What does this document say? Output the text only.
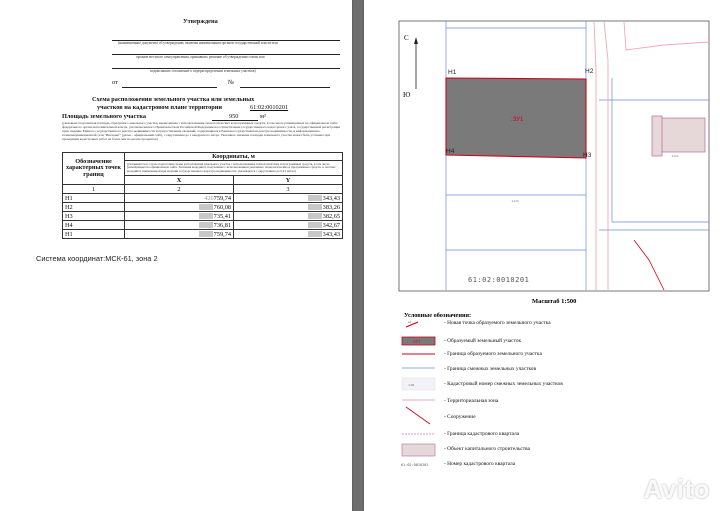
Утверждена
(наименование документа об утверждении, включая наименования органов государственной власти или
органов местного самоуправления, принявших решение об утверждении схемы или
подписавших соглашение о перераспределении земельных участков)
от	№
Схема расположения земельного участка или земельных
участков на кадастровом плане территории	61:02:0010201
Площадь земельного участка	950	м²
(указывается проектная площадь образуемого земельного участка, вычисленная с использованием технологических и программных средств, в том числе размещенных на официальном сайте федерального органа исполнительной власти, уполномоченного Правительством Российской Федерации на осуществление государственного кадастрового учета, государственной регистрации прав, ведение Единого государственного реестра недвижимости и предоставление сведений, содержащихся в Едином государственном реестре недвижимости, в информационно-телекоммуникационной сети "Интернет" (далее - официальный сайт), с округлением до 1 квадратного метра. Указанное значение площади земельного участка может быть уточнено при проведении кадастровых работ не более чем на десять процентов)
Обозначение характерных точек границ	Координаты, м	
	(указываются в случае подготовки схемы расположения земельного участка с использованием технологических и программных средств, в том числе размещенных на официальном сайте. Значения координат, полученные с использованием указанных технологических и программных средств, в системе координат, применяемой при ведении государственного кадастра недвижимости, указываются с округлением до 0,01 метра)	
	X	Y
1	2	3
Н1	420759,74	343,43
Н2	760,08	383,26
Н3	735,41	382,65
Н4	736,81	342,67
Н1	759,74	343,43
Система координат:МСК-61, зона 2
С
Ю
:ЗУ1
Н1	Н2
Н3
Н4
:1449
:1262
61:02:0010201
Масштаб 1:500
Условные обозначения:
н1
:ЗУ1
:145
61:02:0010201
- Новая точка образуемого земельного участка
- Образуемый земельный участок
- Граница образуемого земельного участка
- Граница смежных земельных участков
- Кадастровый номер смежных земельных участков
- Территориальная зона
- Сооружение
- Граница кадастрового квартала
- Объект капитального строительства
- Номер кадастрового квартала
Avito
